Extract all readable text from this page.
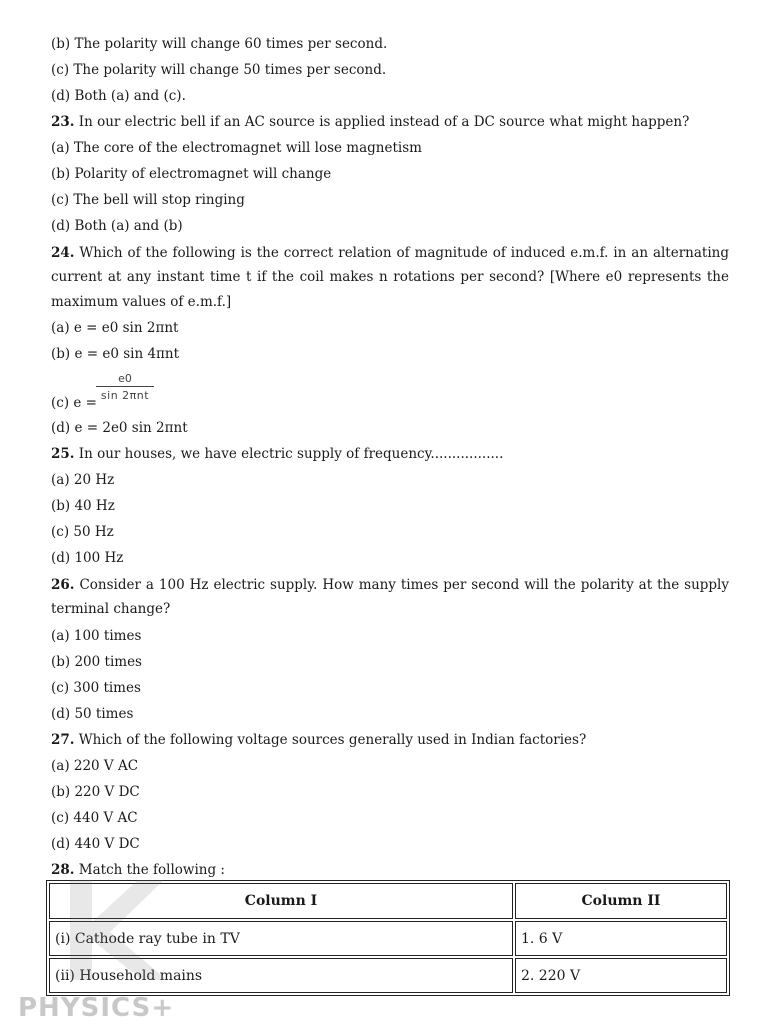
(b) The polarity will change 60 times per second.
(c) The polarity will change 50 times per second.
(d) Both (a) and (c).
23. In our electric bell if an AC source is applied instead of a DC source what might happen?
(a) The core of the electromagnet will lose magnetism
(b) Polarity of electromagnet will change
(c) The bell will stop ringing
(d) Both (a) and (b)
24. Which of the following is the correct relation of magnitude of induced e.m.f. in an alternating
current at any instant time t if the coil makes n rotations per second? [Where e0 represents the
maximum values of e.m.f.]
(a) e = e0 sin 2πnt
(b) e = e0 sin 4πnt
e0
sin 2πnt
(c) e =
(d) e = 2e0 sin 2πnt
25. In our houses, we have electric supply of frequency.................
(a) 20 Hz
(b) 40 Hz
(c) 50 Hz
(d) 100 Hz
26. Consider a 100 Hz electric supply. How many times per second will the polarity at the supply
terminal change?
(a) 100 times
(b) 200 times
(c) 300 times
(d) 50 times
27. Which of the following voltage sources generally used in Indian factories?
(a) 220 V AC
(b) 220 V DC
(c) 440 V AC
(d) 440 V DC
28. Match the following :
Column I	Column II
(i) Cathode ray tube in TV	1. 6 V
(ii) Household mains	2. 220 V
PHYSICS+
